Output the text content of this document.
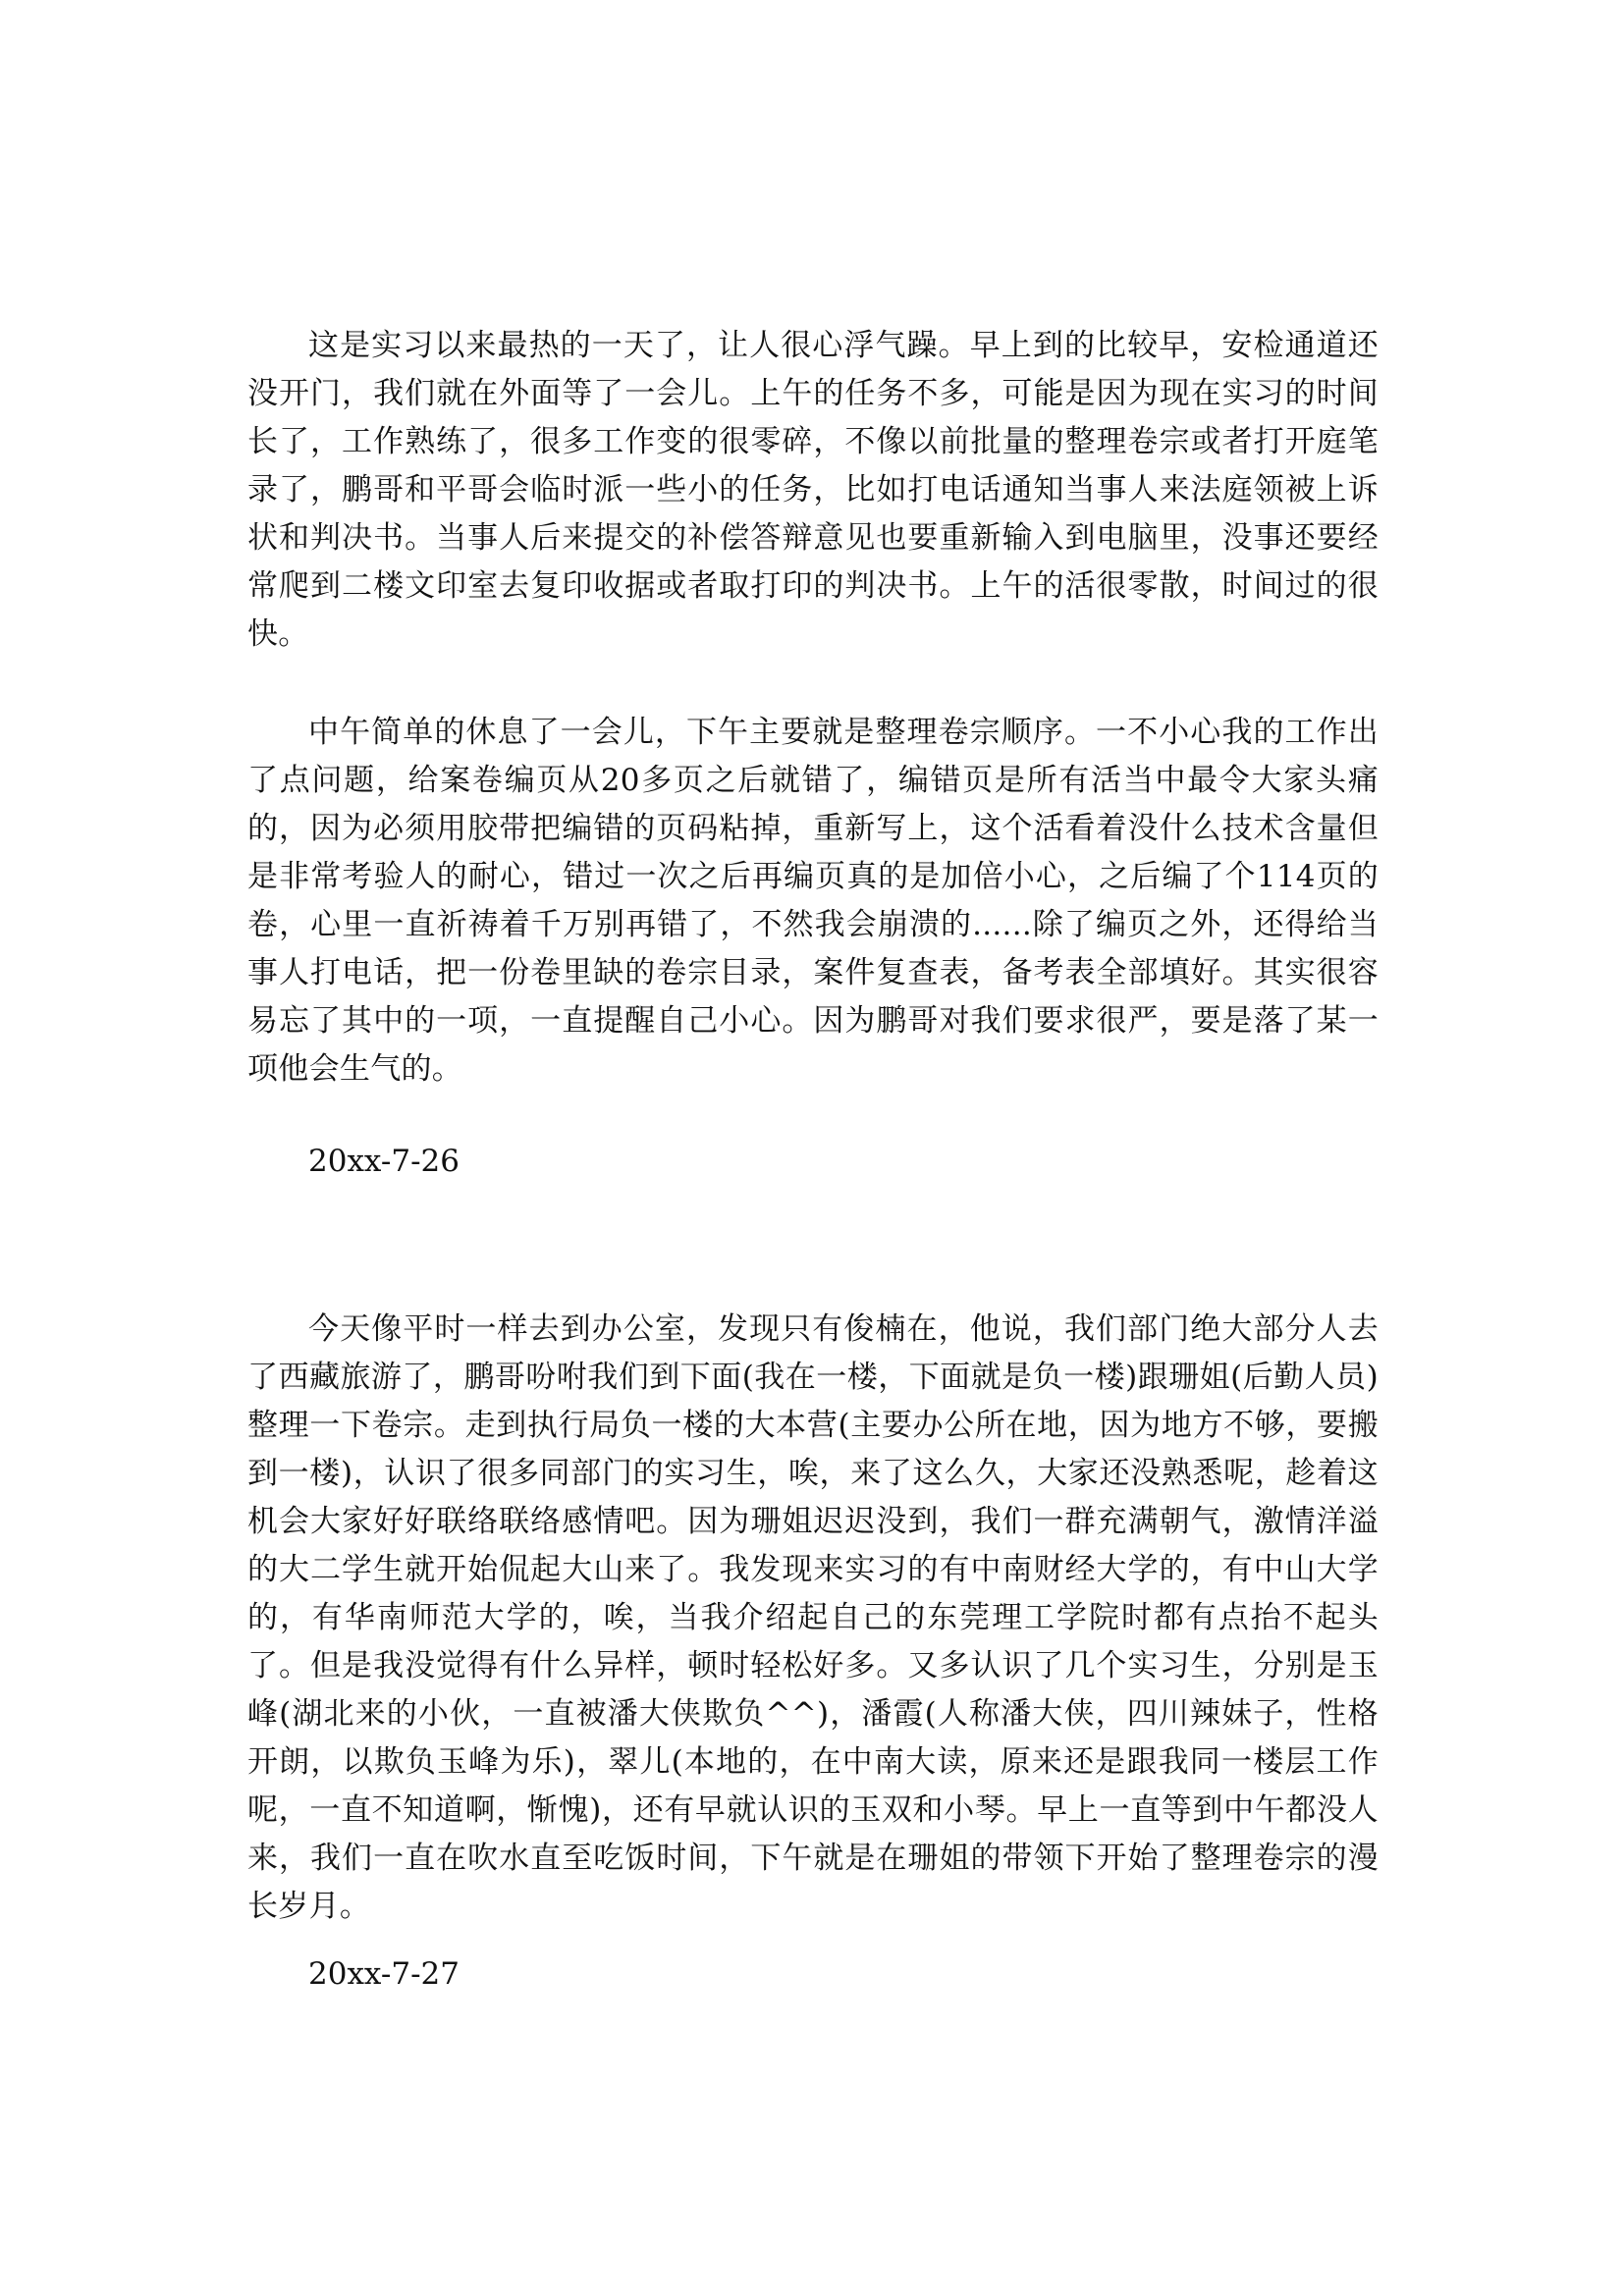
这是实习以来最热的一天了，让人很心浮气躁。早上到的比较早，安检通道还没开门，我们就在外面等了一会儿。上午的任务不多，可能是因为现在实习的时间长了，工作熟练了，很多工作变的很零碎，不像以前批量的整理卷宗或者打开庭笔录了，鹏哥和平哥会临时派一些小的任务，比如打电话通知当事人来法庭领被上诉状和判决书。当事人后来提交的补偿答辩意见也要重新输入到电脑里，没事还要经常爬到二楼文印室去复印收据或者取打印的判决书。上午的活很零散，时间过的很快。

中午简单的休息了一会儿，下午主要就是整理卷宗顺序。一不小心我的工作出了点问题，给案卷编页从20多页之后就错了，编错页是所有活当中最令大家头痛的，因为必须用胶带把编错的页码粘掉，重新写上，这个活看着没什么技术含量但是非常考验人的耐心，错过一次之后再编页真的是加倍小心，之后编了个114页的卷，心里一直祈祷着千万别再错了，不然我会崩溃的......除了编页之外，还得给当事人打电话，把一份卷里缺的卷宗目录，案件复查表，备考表全部填好。其实很容易忘了其中的一项，一直提醒自己小心。因为鹏哥对我们要求很严，要是落了某一项他会生气的。

20xx-7-26

今天像平时一样去到办公室，发现只有俊楠在，他说，我们部门绝大部分人去了西藏旅游了，鹏哥吩咐我们到下面(我在一楼，下面就是负一楼)跟珊姐(后勤人员)整理一下卷宗。走到执行局负一楼的大本营(主要办公所在地，因为地方不够，要搬到一楼)，认识了很多同部门的实习生，唉，来了这么久，大家还没熟悉呢，趁着这机会大家好好联络联络感情吧。因为珊姐迟迟没到，我们一群充满朝气，激情洋溢的大二学生就开始侃起大山来了。我发现来实习的有中南财经大学的，有中山大学的，有华南师范大学的，唉，当我介绍起自己的东莞理工学院时都有点抬不起头了。但是我没觉得有什么异样，顿时轻松好多。又多认识了几个实习生，分别是玉峰(湖北来的小伙，一直被潘大侠欺负^^)，潘霞(人称潘大侠，四川辣妹子，性格开朗，以欺负玉峰为乐)，翠儿(本地的，在中南大读，原来还是跟我同一楼层工作呢，一直不知道啊，惭愧)，还有早就认识的玉双和小琴。早上一直等到中午都没人来，我们一直在吹水直至吃饭时间，下午就是在珊姐的带领下开始了整理卷宗的漫长岁月。

20xx-7-27
